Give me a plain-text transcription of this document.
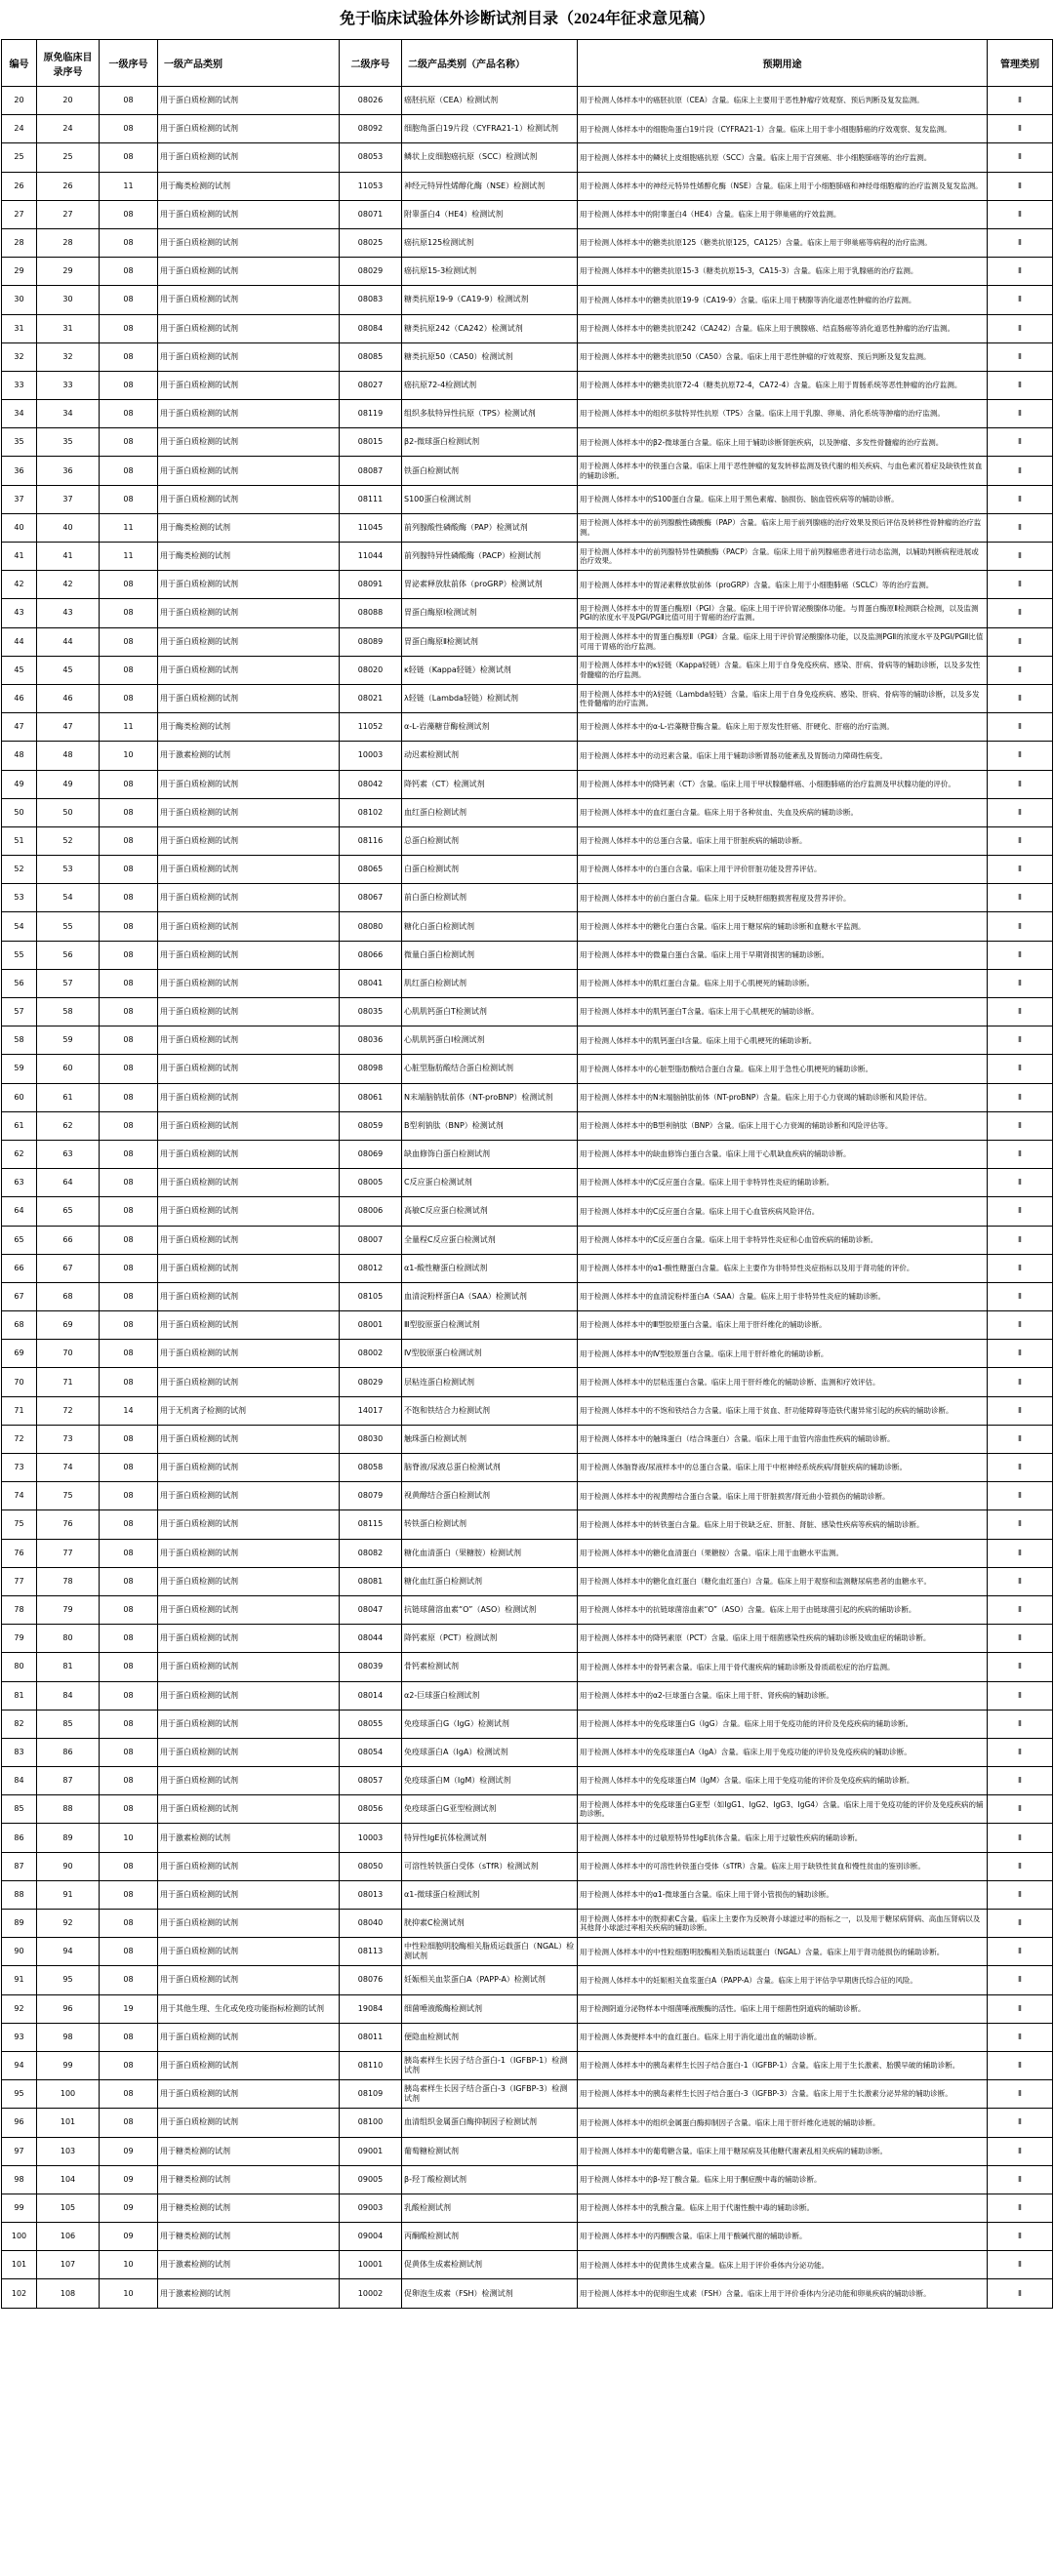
免于临床试验体外诊断试剂目录（2024年征求意见稿）
编号	原免临床目录序号	一级序号	一级产品类别	二级序号	二级产品类别（产品名称）	预期用途	管理类别
20	20	08	用于蛋白质检测的试剂	08026	癌胚抗原（CEA）检测试剂	用于检测人体样本中的癌胚抗原（CEA）含量。临床上主要用于恶性肿瘤疗效观察、预后判断及复发监测。	Ⅱ
24	24	08	用于蛋白质检测的试剂	08092	细胞角蛋白19片段（CYFRA21-1）检测试剂	用于检测人体样本中的细胞角蛋白19片段（CYFRA21-1）含量。临床上用于非小细胞肺癌的疗效观察、复发监测。	Ⅱ
25	25	08	用于蛋白质检测的试剂	08053	鳞状上皮细胞癌抗原（SCC）检测试剂	用于检测人体样本中的鳞状上皮细胞癌抗原（SCC）含量。临床上用于宫颈癌、非小细胞肺癌等的治疗监测。	Ⅱ
26	26	11	用于酶类检测的试剂	11053	神经元特异性烯醇化酶（NSE）检测试剂	用于检测人体样本中的神经元特异性烯醇化酶（NSE）含量。临床上用于小细胞肺癌和神经母细胞瘤的治疗监测及复发监测。	Ⅱ
27	27	08	用于蛋白质检测的试剂	08071	附睾蛋白4（HE4）检测试剂	用于检测人体样本中的附睾蛋白4（HE4）含量。临床上用于卵巢癌的疗效监测。	Ⅱ
28	28	08	用于蛋白质检测的试剂	08025	癌抗原125检测试剂	用于检测人体样本中的糖类抗原125（糖类抗原125，CA125）含量。临床上用于卵巢癌等病程的治疗监测。	Ⅱ
29	29	08	用于蛋白质检测的试剂	08029	癌抗原15-3检测试剂	用于检测人体样本中的糖类抗原15-3（糖类抗原15-3，CA15-3）含量。临床上用于乳腺癌的治疗监测。	Ⅱ
30	30	08	用于蛋白质检测的试剂	08083	糖类抗原19-9（CA19-9）检测试剂	用于检测人体样本中的糖类抗原19-9（CA19-9）含量。临床上用于胰腺等消化道恶性肿瘤的治疗监测。	Ⅱ
31	31	08	用于蛋白质检测的试剂	08084	糖类抗原242（CA242）检测试剂	用于检测人体样本中的糖类抗原242（CA242）含量。临床上用于胰腺癌、结直肠癌等消化道恶性肿瘤的治疗监测。	Ⅱ
32	32	08	用于蛋白质检测的试剂	08085	糖类抗原50（CA50）检测试剂	用于检测人体样本中的糖类抗原50（CA50）含量。临床上用于恶性肿瘤的疗效观察、预后判断及复发监测。	Ⅱ
33	33	08	用于蛋白质检测的试剂	08027	癌抗原72-4检测试剂	用于检测人体样本中的糖类抗原72-4（糖类抗原72-4，CA72-4）含量。临床上用于胃肠系统等恶性肿瘤的治疗监测。	Ⅱ
34	34	08	用于蛋白质检测的试剂	08119	组织多肽特异性抗原（TPS）检测试剂	用于检测人体样本中的组织多肽特异性抗原（TPS）含量。临床上用于乳腺、卵巢、消化系统等肿瘤的治疗监测。	Ⅱ
35	35	08	用于蛋白质检测的试剂	08015	β2-微球蛋白检测试剂	用于检测人体样本中的β2-微球蛋白含量。临床上用于辅助诊断肾脏疾病，以及肿瘤、多发性骨髓瘤的治疗监测。	Ⅱ
36	36	08	用于蛋白质检测的试剂	08087	铁蛋白检测试剂	用于检测人体样本中的铁蛋白含量。临床上用于恶性肿瘤的复发转移监测及铁代谢的相关疾病、与血色素沉着症及缺铁性贫血的辅助诊断。	Ⅱ
37	37	08	用于蛋白质检测的试剂	08111	S100蛋白检测试剂	用于检测人体样本中的S100蛋白含量。临床上用于黑色素瘤、脑损伤、脑血管疾病等的辅助诊断。	Ⅱ
40	40	11	用于酶类检测的试剂	11045	前列腺酸性磷酸酶（PAP）检测试剂	用于检测人体样本中的前列腺酸性磷酸酶（PAP）含量。临床上用于前列腺癌的治疗效果及预后评估及转移性骨肿瘤的治疗监测。	Ⅱ
41	41	11	用于酶类检测的试剂	11044	前列腺特异性磷酸酶（PACP）检测试剂	用于检测人体样本中的前列腺特异性磷酸酶（PACP）含量。临床上用于前列腺癌患者进行动态监测，以辅助判断病程进展或治疗效果。	Ⅱ
42	42	08	用于蛋白质检测的试剂	08091	胃泌素释放肽前体（proGRP）检测试剂	用于检测人体样本中的胃泌素释放肽前体（proGRP）含量。临床上用于小细胞肺癌（SCLC）等的治疗监测。	Ⅱ
43	43	08	用于蛋白质检测的试剂	08088	胃蛋白酶原Ⅰ检测试剂	用于检测人体样本中的胃蛋白酶原Ⅰ（PGⅠ）含量。临床上用于评价胃泌酸腺体功能。与胃蛋白酶原Ⅱ检测联合检测，以及监测PGⅠ的浓度水平及PGⅠ/PGⅡ比值可用于胃癌的治疗监测。	Ⅱ
44	44	08	用于蛋白质检测的试剂	08089	胃蛋白酶原Ⅱ检测试剂	用于检测人体样本中的胃蛋白酶原Ⅱ（PGⅡ）含量。临床上用于评价胃泌酸腺体功能，以及监测PGⅡ的浓度水平及PGⅠ/PGⅡ比值可用于胃癌的治疗监测。	Ⅱ
45	45	08	用于蛋白质检测的试剂	08020	κ轻链（Kappa轻链）检测试剂	用于检测人体样本中的κ轻链（Kappa轻链）含量。临床上用于自身免疫疾病、感染、肝病、骨病等的辅助诊断，以及多发性骨髓瘤的治疗监测。	Ⅱ
46	46	08	用于蛋白质检测的试剂	08021	λ轻链（Lambda轻链）检测试剂	用于检测人体样本中的λ轻链（Lambda轻链）含量。临床上用于自身免疫疾病、感染、肝病、骨病等的辅助诊断，以及多发性骨髓瘤的治疗监测。	Ⅱ
47	47	11	用于酶类检测的试剂	11052	α-L-岩藻糖苷酶检测试剂	用于检测人体样本中的α-L-岩藻糖苷酶含量。临床上用于原发性肝癌、肝硬化、肝癌的治疗监测。	Ⅱ
48	48	10	用于激素检测的试剂	10003	动迟素检测试剂	用于检测人体样本中的动迟素含量。临床上用于辅助诊断胃肠功能紊乱及胃肠动力障碍性病变。	Ⅱ
49	49	08	用于蛋白质检测的试剂	08042	降钙素（CT）检测试剂	用于检测人体样本中的降钙素（CT）含量。临床上用于甲状腺髓样癌、小细胞肺癌的治疗监测及甲状腺功能的评价。	Ⅱ
50	50	08	用于蛋白质检测的试剂	08102	血红蛋白检测试剂	用于检测人体样本中的血红蛋白含量。临床上用于各种贫血、失血及疾病的辅助诊断。	Ⅱ
51	52	08	用于蛋白质检测的试剂	08116	总蛋白检测试剂	用于检测人体样本中的总蛋白含量。临床上用于肝脏疾病的辅助诊断。	Ⅱ
52	53	08	用于蛋白质检测的试剂	08065	白蛋白检测试剂	用于检测人体样本中的白蛋白含量。临床上用于评价肝脏功能及营养评估。	Ⅱ
53	54	08	用于蛋白质检测的试剂	08067	前白蛋白检测试剂	用于检测人体样本中的前白蛋白含量。临床上用于反映肝细胞损害程度及营养评价。	Ⅱ
54	55	08	用于蛋白质检测的试剂	08080	糖化白蛋白检测试剂	用于检测人体样本中的糖化白蛋白含量。临床上用于糖尿病的辅助诊断和血糖水平监测。	Ⅱ
55	56	08	用于蛋白质检测的试剂	08066	微量白蛋白检测试剂	用于检测人体样本中的微量白蛋白含量。临床上用于早期肾损害的辅助诊断。	Ⅱ
56	57	08	用于蛋白质检测的试剂	08041	肌红蛋白检测试剂	用于检测人体样本中的肌红蛋白含量。临床上用于心肌梗死的辅助诊断。	Ⅱ
57	58	08	用于蛋白质检测的试剂	08035	心肌肌钙蛋白T检测试剂	用于检测人体样本中的肌钙蛋白T含量。临床上用于心肌梗死的辅助诊断。	Ⅱ
58	59	08	用于蛋白质检测的试剂	08036	心肌肌钙蛋白I检测试剂	用于检测人体样本中的肌钙蛋白I含量。临床上用于心肌梗死的辅助诊断。	Ⅱ
59	60	08	用于蛋白质检测的试剂	08098	心脏型脂肪酸结合蛋白检测试剂	用于检测人体样本中的心脏型脂肪酸结合蛋白含量。临床上用于急性心肌梗死的辅助诊断。	Ⅱ
60	61	08	用于蛋白质检测的试剂	08061	N末端脑钠肽前体（NT-proBNP）检测试剂	用于检测人体样本中的N末端脑钠肽前体（NT-proBNP）含量。临床上用于心力衰竭的辅助诊断和风险评估。	Ⅱ
61	62	08	用于蛋白质检测的试剂	08059	B型利钠肽（BNP）检测试剂	用于检测人体样本中的B型利钠肽（BNP）含量。临床上用于心力衰竭的辅助诊断和风险评估等。	Ⅱ
62	63	08	用于蛋白质检测的试剂	08069	缺血修饰白蛋白检测试剂	用于检测人体样本中的缺血修饰白蛋白含量。临床上用于心肌缺血疾病的辅助诊断。	Ⅱ
63	64	08	用于蛋白质检测的试剂	08005	C反应蛋白检测试剂	用于检测人体样本中的C反应蛋白含量。临床上用于非特异性炎症的辅助诊断。	Ⅱ
64	65	08	用于蛋白质检测的试剂	08006	高敏C反应蛋白检测试剂	用于检测人体样本中的C反应蛋白含量。临床上用于心血管疾病风险评估。	Ⅱ
65	66	08	用于蛋白质检测的试剂	08007	全量程C反应蛋白检测试剂	用于检测人体样本中的C反应蛋白含量。临床上用于非特异性炎症和心血管疾病的辅助诊断。	Ⅱ
66	67	08	用于蛋白质检测的试剂	08012	α1-酸性糖蛋白检测试剂	用于检测人体样本中的α1-酸性糖蛋白含量。临床上主要作为非特异性炎症指标以及用于肾功能的评价。	Ⅱ
67	68	08	用于蛋白质检测的试剂	08105	血清淀粉样蛋白A（SAA）检测试剂	用于检测人体样本中的血清淀粉样蛋白A（SAA）含量。临床上用于非特异性炎症的辅助诊断。	Ⅱ
68	69	08	用于蛋白质检测的试剂	08001	Ⅲ型胶原蛋白检测试剂	用于检测人体样本中的Ⅲ型胶原蛋白含量。临床上用于肝纤维化的辅助诊断。	Ⅱ
69	70	08	用于蛋白质检测的试剂	08002	Ⅳ型胶原蛋白检测试剂	用于检测人体样本中的Ⅳ型胶原蛋白含量。临床上用于肝纤维化的辅助诊断。	Ⅱ
70	71	08	用于蛋白质检测的试剂	08029	层粘连蛋白检测试剂	用于检测人体样本中的层粘连蛋白含量。临床上用于肝纤维化的辅助诊断、监测和疗效评估。	Ⅱ
71	72	14	用于无机离子检测的试剂	14017	不饱和铁结合力检测试剂	用于检测人体样本中的不饱和铁结合力含量。临床上用于贫血、肝功能障碍等造铁代谢异常引起的疾病的辅助诊断。	Ⅱ
72	73	08	用于蛋白质检测的试剂	08030	触珠蛋白检测试剂	用于检测人体样本中的触珠蛋白（结合珠蛋白）含量。临床上用于血管内溶血性疾病的辅助诊断。	Ⅱ
73	74	08	用于蛋白质检测的试剂	08058	脑脊液/尿液总蛋白检测试剂	用于检测人体脑脊液/尿液样本中的总蛋白含量。临床上用于中枢神经系统疾病/肾脏疾病的辅助诊断。	Ⅱ
74	75	08	用于蛋白质检测的试剂	08079	视黄醇结合蛋白检测试剂	用于检测人体样本中的视黄醇结合蛋白含量。临床上用于肝脏损害/肾近曲小管损伤的辅助诊断。	Ⅱ
75	76	08	用于蛋白质检测的试剂	08115	转铁蛋白检测试剂	用于检测人体样本中的转铁蛋白含量。临床上用于铁缺乏症、肝脏、肾脏、感染性疾病等疾病的辅助诊断。	Ⅱ
76	77	08	用于蛋白质检测的试剂	08082	糖化血清蛋白（果糖胺）检测试剂	用于检测人体样本中的糖化血清蛋白（果糖胺）含量。临床上用于血糖水平监测。	Ⅱ
77	78	08	用于蛋白质检测的试剂	08081	糖化血红蛋白检测试剂	用于检测人体样本中的糖化血红蛋白（糖化血红蛋白）含量。临床上用于观察和监测糖尿病患者的血糖水平。	Ⅱ
78	79	08	用于蛋白质检测的试剂	08047	抗链球菌溶血素“O”（ASO）检测试剂	用于检测人体样本中的抗链球菌溶血素“O”（ASO）含量。临床上用于由链球菌引起的疾病的辅助诊断。	Ⅱ
79	80	08	用于蛋白质检测的试剂	08044	降钙素原（PCT）检测试剂	用于检测人体样本中的降钙素原（PCT）含量。临床上用于细菌感染性疾病的辅助诊断及败血症的辅助诊断。	Ⅱ
80	81	08	用于蛋白质检测的试剂	08039	骨钙素检测试剂	用于检测人体样本中的骨钙素含量。临床上用于骨代谢疾病的辅助诊断及骨质疏松症的治疗监测。	Ⅱ
81	84	08	用于蛋白质检测的试剂	08014	α2-巨球蛋白检测试剂	用于检测人体样本中的α2-巨球蛋白含量。临床上用于肝、肾疾病的辅助诊断。	Ⅱ
82	85	08	用于蛋白质检测的试剂	08055	免疫球蛋白G（IgG）检测试剂	用于检测人体样本中的免疫球蛋白G（IgG）含量。临床上用于免疫功能的评价及免疫疾病的辅助诊断。	Ⅱ
83	86	08	用于蛋白质检测的试剂	08054	免疫球蛋白A（IgA）检测试剂	用于检测人体样本中的免疫球蛋白A（IgA）含量。临床上用于免疫功能的评价及免疫疾病的辅助诊断。	Ⅱ
84	87	08	用于蛋白质检测的试剂	08057	免疫球蛋白M（IgM）检测试剂	用于检测人体样本中的免疫球蛋白M（IgM）含量。临床上用于免疫功能的评价及免疫疾病的辅助诊断。	Ⅱ
85	88	08	用于蛋白质检测的试剂	08056	免疫球蛋白G亚型检测试剂	用于检测人体样本中的免疫球蛋白G亚型（如IgG1、IgG2、IgG3、IgG4）含量。临床上用于免疫功能的评价及免疫疾病的辅助诊断。	Ⅱ
86	89	10	用于激素检测的试剂	10003	特异性IgE抗体检测试剂	用于检测人体样本中的过敏原特异性IgE抗体含量。临床上用于过敏性疾病的辅助诊断。	Ⅱ
87	90	08	用于蛋白质检测的试剂	08050	可溶性转铁蛋白受体（sTfR）检测试剂	用于检测人体样本中的可溶性转铁蛋白受体（sTfR）含量。临床上用于缺铁性贫血和慢性贫血的鉴别诊断。	Ⅱ
88	91	08	用于蛋白质检测的试剂	08013	α1-微球蛋白检测试剂	用于检测人体样本中的α1-微球蛋白含量。临床上用于肾小管损伤的辅助诊断。	Ⅱ
89	92	08	用于蛋白质检测的试剂	08040	胱抑素C检测试剂	用于检测人体样本中的胱抑素C含量。临床上主要作为反映肾小球滤过率的指标之一，以及用于糖尿病肾病、高血压肾病以及其他肾小球滤过率相关疾病的辅助诊断。	Ⅱ
90	94	08	用于蛋白质检测的试剂	08113	中性粒细胞明胶酶相关脂质运载蛋白（NGAL）检测试剂	用于检测人体样本中的中性粒细胞明胶酶相关脂质运载蛋白（NGAL）含量。临床上用于肾功能损伤的辅助诊断。	Ⅱ
91	95	08	用于蛋白质检测的试剂	08076	妊娠相关血浆蛋白A（PAPP-A）检测试剂	用于检测人体样本中的妊娠相关血浆蛋白A（PAPP-A）含量。临床上用于评估孕早期唐氏综合征的风险。	Ⅱ
92	96	19	用于其他生理、生化或免疫功能指标检测的试剂	19084	细菌唾液酸酶检测试剂	用于检测阴道分泌物样本中细菌唾液酸酶的活性。临床上用于细菌性阴道病的辅助诊断。	Ⅱ
93	98	08	用于蛋白质检测的试剂	08011	便隐血检测试剂	用于检测人体粪便样本中的血红蛋白。临床上用于消化道出血的辅助诊断。	Ⅱ
94	99	08	用于蛋白质检测的试剂	08110	胰岛素样生长因子结合蛋白-1（IGFBP-1）检测试剂	用于检测人体样本中的胰岛素样生长因子结合蛋白-1（IGFBP-1）含量。临床上用于生长激素、胎膜早破的辅助诊断。	Ⅱ
95	100	08	用于蛋白质检测的试剂	08109	胰岛素样生长因子结合蛋白-3（IGFBP-3）检测试剂	用于检测人体样本中的胰岛素样生长因子结合蛋白-3（IGFBP-3）含量。临床上用于生长激素分泌异常的辅助诊断。	Ⅱ
96	101	08	用于蛋白质检测的试剂	08100	血清组织金属蛋白酶抑制因子检测试剂	用于检测人体样本中的组织金属蛋白酶抑制因子含量。临床上用于肝纤维化进展的辅助诊断。	Ⅱ
97	103	09	用于糖类检测的试剂	09001	葡萄糖检测试剂	用于检测人体样本中的葡萄糖含量。临床上用于糖尿病及其他糖代谢紊乱相关疾病的辅助诊断。	Ⅱ
98	104	09	用于糖类检测的试剂	09005	β-羟丁酸检测试剂	用于检测人体样本中的β-羟丁酸含量。临床上用于酮症酸中毒的辅助诊断。	Ⅱ
99	105	09	用于糖类检测的试剂	09003	乳酸检测试剂	用于检测人体样本中的乳酸含量。临床上用于代谢性酸中毒的辅助诊断。	Ⅱ
100	106	09	用于糖类检测的试剂	09004	丙酮酸检测试剂	用于检测人体样本中的丙酮酸含量。临床上用于酸碱代谢的辅助诊断。	Ⅱ
101	107	10	用于激素检测的试剂	10001	促黄体生成素检测试剂	用于检测人体样本中的促黄体生成素含量。临床上用于评价垂体内分泌功能。	Ⅱ
102	108	10	用于激素检测的试剂	10002	促卵泡生成素（FSH）检测试剂	用于检测人体样本中的促卵泡生成素（FSH）含量。临床上用于评价垂体内分泌功能和卵巢疾病的辅助诊断。	Ⅱ
